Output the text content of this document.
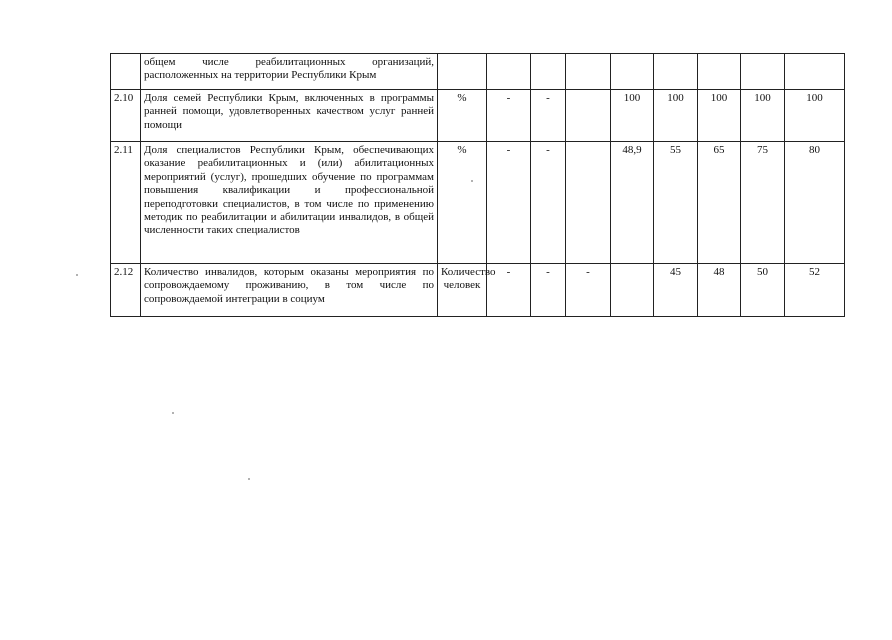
	общем числе реабилитационных организаций, расположенных на территории Республики Крым										
2.10	Доля семей Республики Крым, включенных в программы ранней помощи, удовлетворенных качеством услуг ранней помощи	%	-	-		100	100	100	100	100	
2.11	Доля специалистов Республики Крым, обеспечивающих оказание реабилитационных и (или) абилитационных мероприятий (услуг), прошедших обучение по программам повышения квалификации и профессиональной переподготовки специалистов, в том числе по применению методик по реабилитации и абилитации инвалидов, в общей численности таких специалистов	%	-	-		48,9	55	65	75	80	
2.12	Количество инвалидов, которым оказаны мероприятия по сопровождаемому проживанию, в том числе по сопровождаемой интеграции в социум	Количество человек	-	-	-		45	48	50	52	
